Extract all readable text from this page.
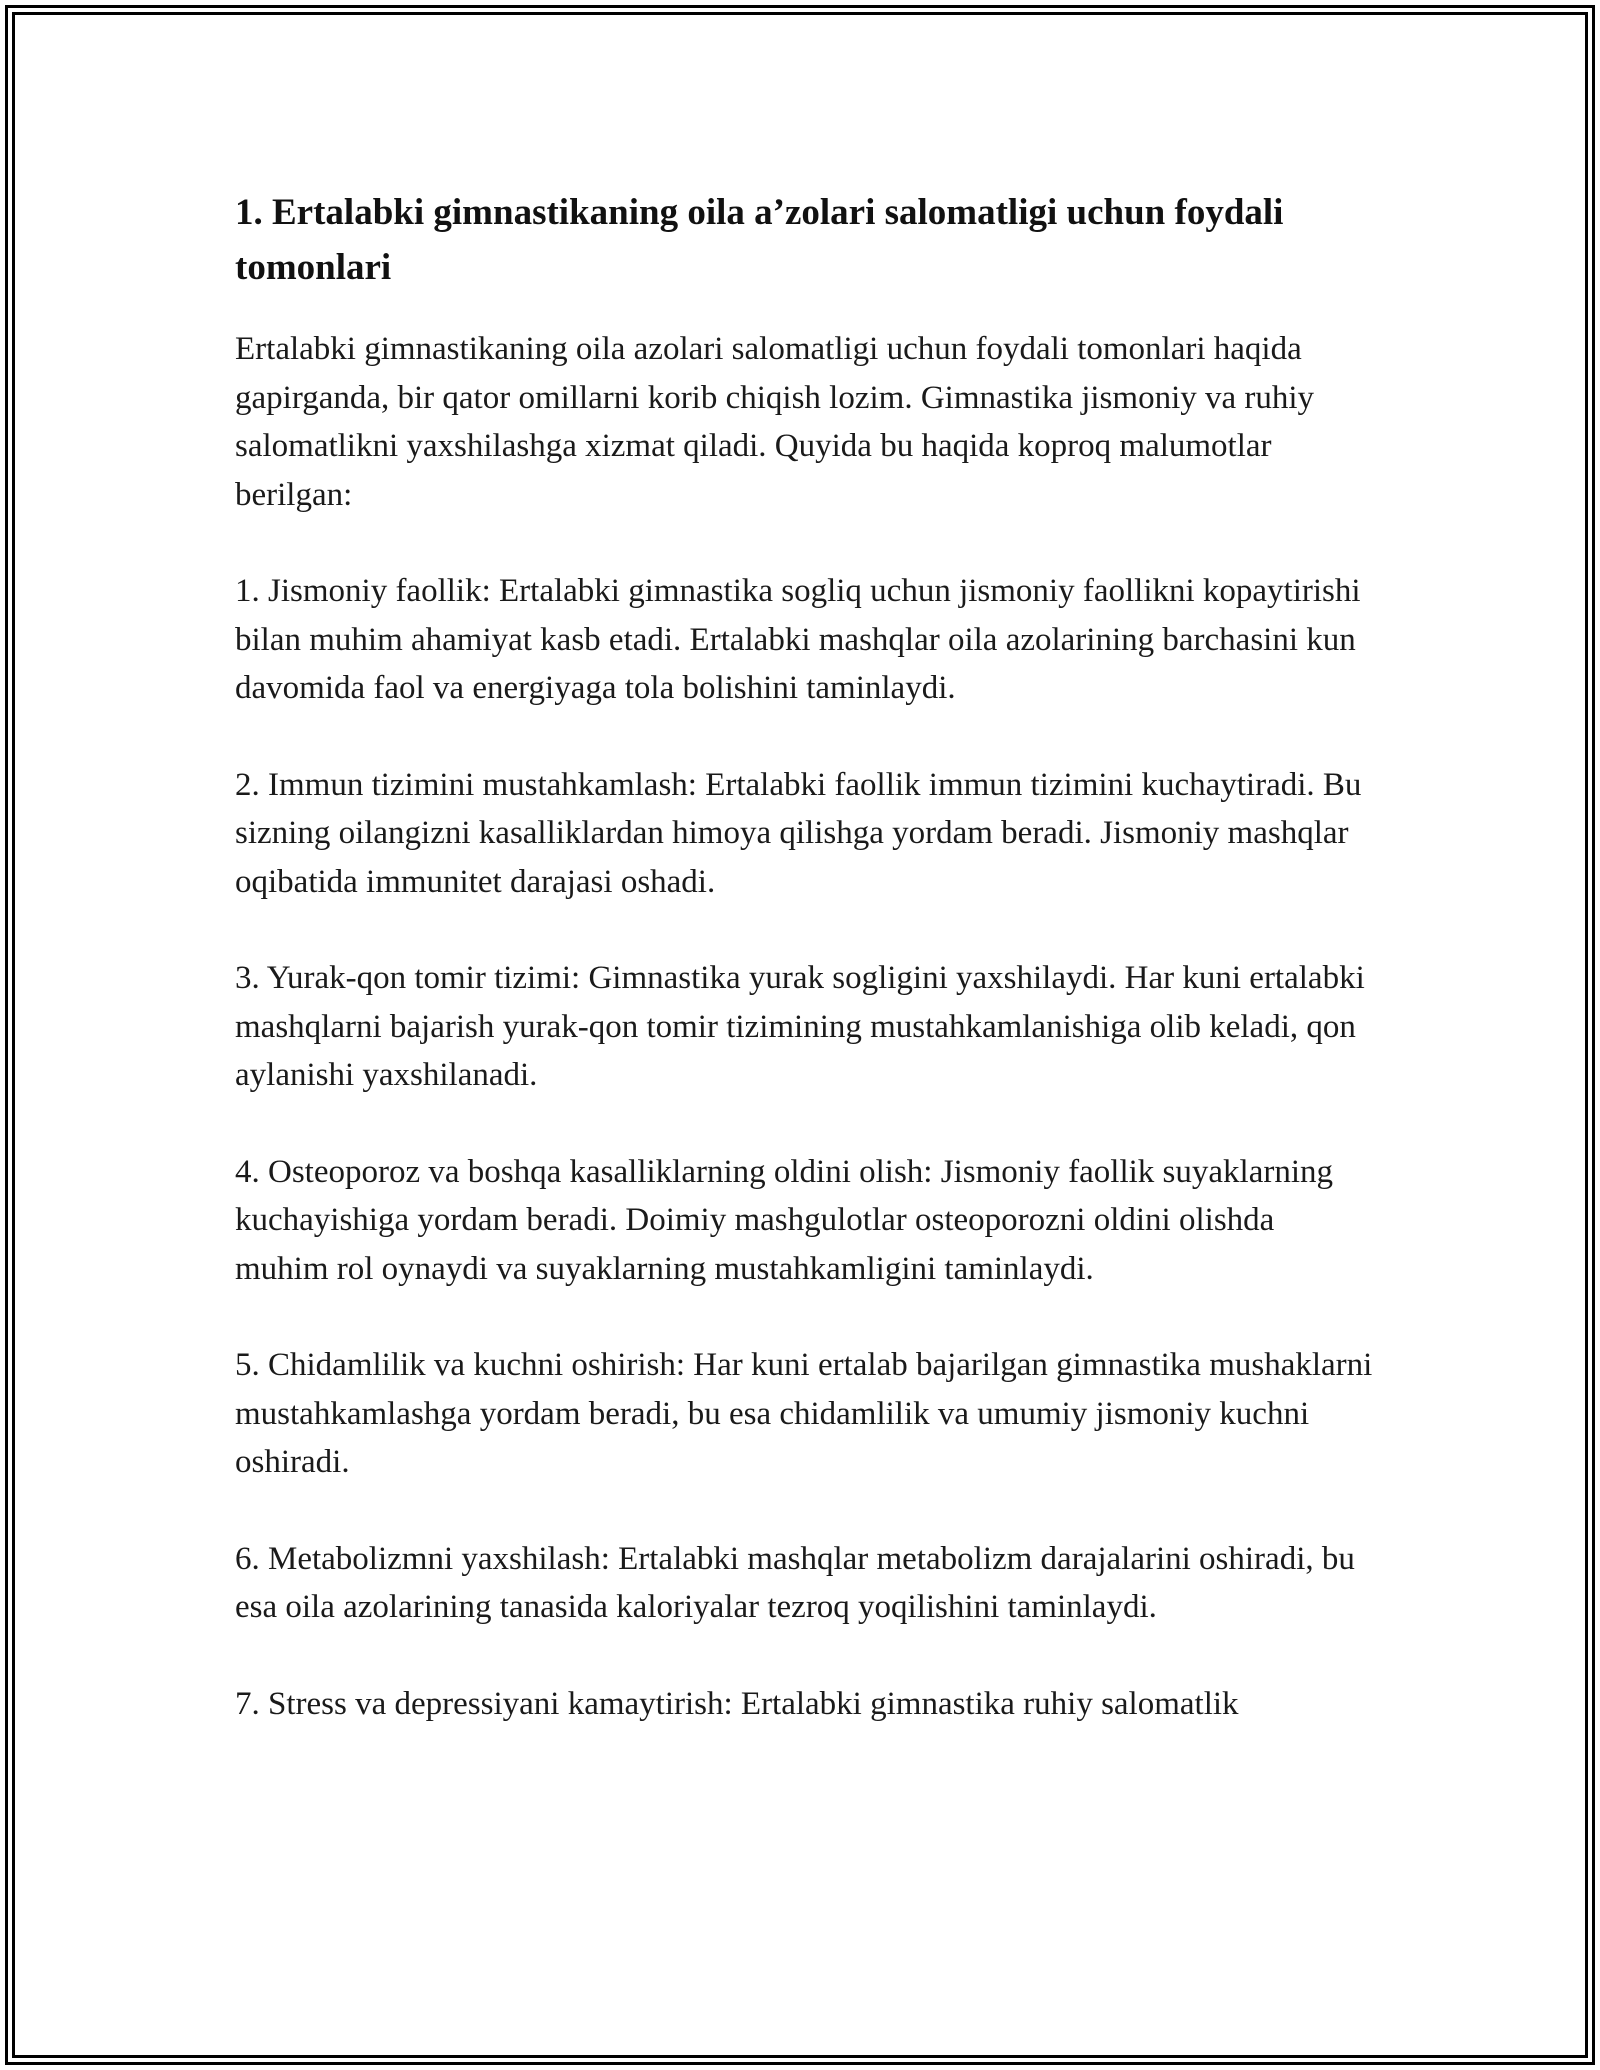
1. Ertalabki gimnastikaning oila a’zolari salomatligi uchun foydali tomonlari

Ertalabki gimnastikaning oila azolari salomatligi uchun foydali tomonlari haqida gapirganda, bir qator omillarni korib chiqish lozim. Gimnastika jismoniy va ruhiy salomatlikni yaxshilashga xizmat qiladi. Quyida bu haqida koproq malumotlar berilgan:

1. Jismoniy faollik: Ertalabki gimnastika sogliq uchun jismoniy faollikni kopaytirishi bilan muhim ahamiyat kasb etadi. Ertalabki mashqlar oila azolarining barchasini kun davomida faol va energiyaga tola bolishini taminlaydi.

2. Immun tizimini mustahkamlash: Ertalabki faollik immun tizimini kuchaytiradi. Bu sizning oilangizni kasalliklardan himoya qilishga yordam beradi. Jismoniy mashqlar oqibatida immunitet darajasi oshadi.

3. Yurak-qon tomir tizimi: Gimnastika yurak sogligini yaxshilaydi. Har kuni ertalabki mashqlarni bajarish yurak-qon tomir tizimining mustahkamlanishiga olib keladi, qon aylanishi yaxshilanadi.

4. Osteoporoz va boshqa kasalliklarning oldini olish: Jismoniy faollik suyaklarning kuchayishiga yordam beradi. Doimiy mashgulotlar osteoporozni oldini olishda muhim rol oynaydi va suyaklarning mustahkamligini taminlaydi.

5. Chidamlilik va kuchni oshirish: Har kuni ertalab bajarilgan gimnastika mushaklarni mustahkamlashga yordam beradi, bu esa chidamlilik va umumiy jismoniy kuchni oshiradi.

6. Metabolizmni yaxshilash: Ertalabki mashqlar metabolizm darajalarini oshiradi, bu esa oila azolarining tanasida kaloriyalar tezroq yoqilishini taminlaydi.

7. Stress va depressiyani kamaytirish: Ertalabki gimnastika ruhiy salomatlik
